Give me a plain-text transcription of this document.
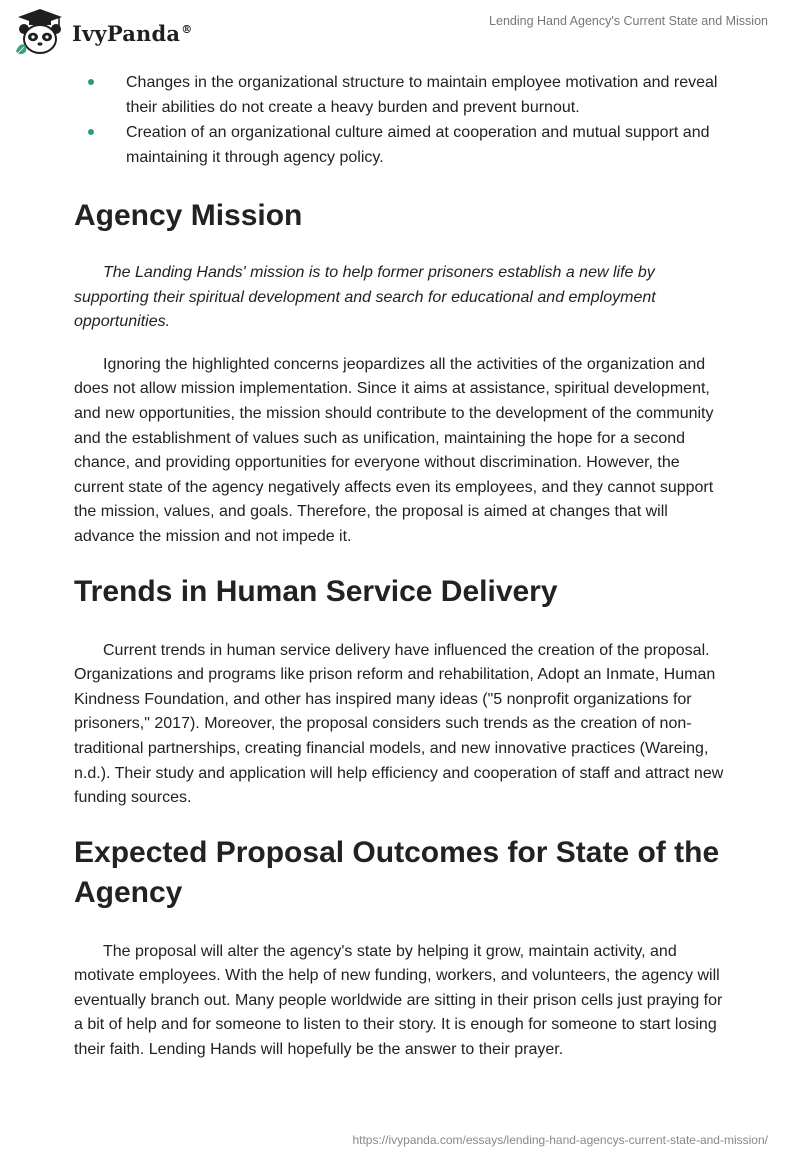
IvyPanda®
Lending Hand Agency's Current State and Mission
Changes in the organizational structure to maintain employee motivation and reveal their abilities do not create a heavy burden and prevent burnout.
Creation of an organizational culture aimed at cooperation and mutual support and maintaining it through agency policy.
Agency Mission

The Landing Hands' mission is to help former prisoners establish a new life by supporting their spiritual development and search for educational and employment opportunities.

Ignoring the highlighted concerns jeopardizes all the activities of the organization and does not allow mission implementation. Since it aims at assistance, spiritual development, and new opportunities, the mission should contribute to the development of the community and the establishment of values such as unification, maintaining the hope for a second chance, and providing opportunities for everyone without discrimination. However, the current state of the agency negatively affects even its employees, and they cannot support the mission, values, and goals. Therefore, the proposal is aimed at changes that will advance the mission and not impede it.

Trends in Human Service Delivery

Current trends in human service delivery have influenced the creation of the proposal. Organizations and programs like prison reform and rehabilitation, Adopt an Inmate, Human Kindness Foundation, and other has inspired many ideas ("5 nonprofit organizations for prisoners," 2017). Moreover, the proposal considers such trends as the creation of non-traditional partnerships, creating financial models, and new innovative practices (Wareing, n.d.). Their study and application will help efficiency and cooperation of staff and attract new funding sources.

Expected Proposal Outcomes for State of the Agency

The proposal will alter the agency's state by helping it grow, maintain activity, and motivate employees. With the help of new funding, workers, and volunteers, the agency will eventually branch out. Many people worldwide are sitting in their prison cells just praying for a bit of help and for someone to listen to their story. It is enough for someone to start losing their faith. Lending Hands will hopefully be the answer to their prayer.

https://ivypanda.com/essays/lending-hand-agencys-current-state-and-mission/
